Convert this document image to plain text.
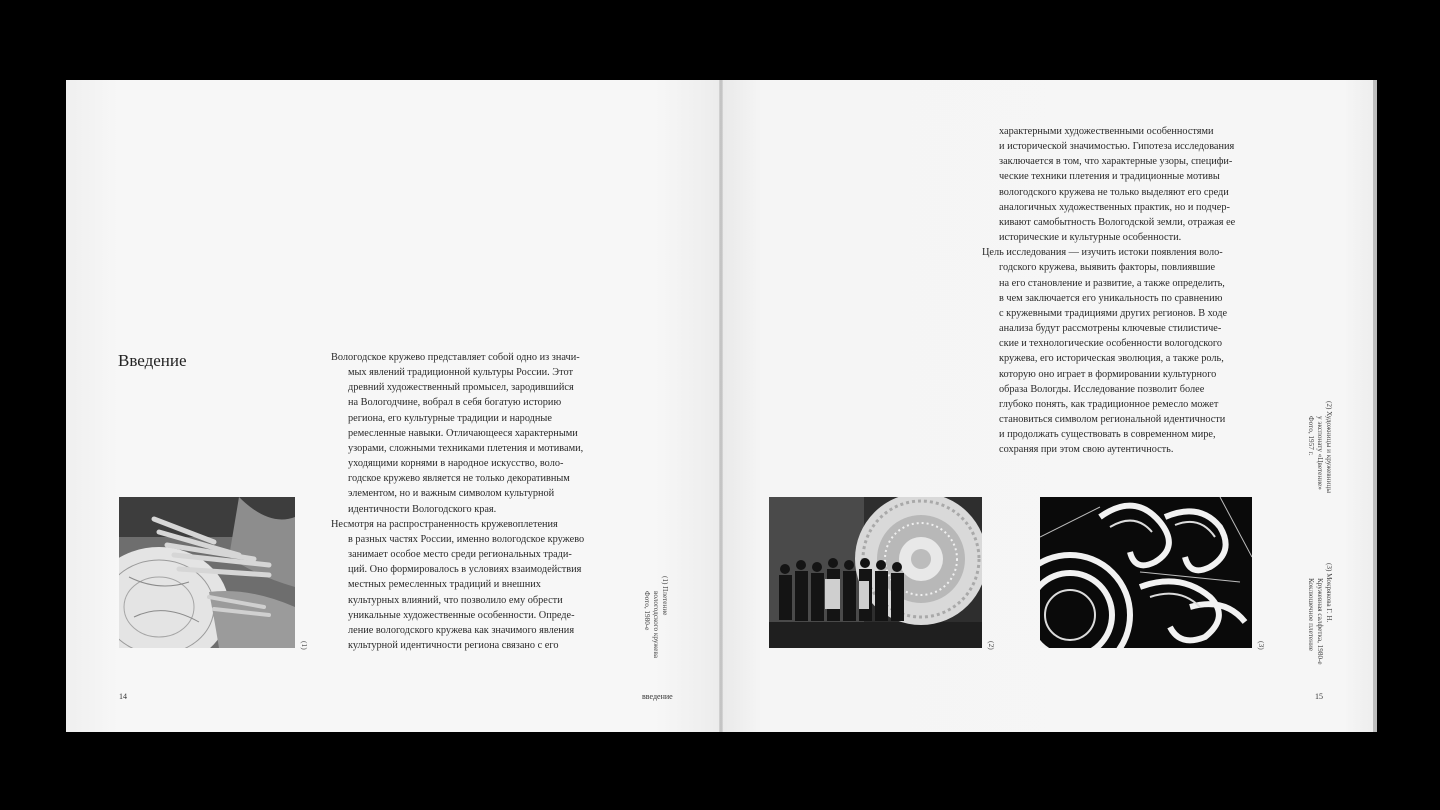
Введение	Вологодское кружево представляет собой одно из значи-

мых явлений традиционной культуры России. Этот

древний художественный промысел, зародившийся

на Вологодчине, вобрал в себя богатую историю

региона, его культурные традиции и народные

ремесленные навыки. Отличающееся характерными

узорами, сложными техниками плетения и мотивами,

уходящими корнями в народное искусство, воло-

годское кружево является не только декоративным

элементом, но и важным символом культурной

идентичности Вологодского края.

Несмотря на распространенность кружевоплетения

в разных частях России, именно вологодское кружево

занимает особое место среди региональных тради-

ций. Оно формировалось в условиях взаимодействия

местных ремесленных традиций и внешних

культурных влияний, что позволило ему обрести

уникальные художественные особенности. Опреде-

ление вологодского кружева как значимого явления

культурной идентичности региона связано с его

(1)
(1) Плетение
вологодского кружева
Фото, 1980-е
14	введение

характерными художественными особенностями

и исторической значимостью. Гипотеза исследования

заключается в том, что характерные узоры, специфи-

ческие техники плетения и традиционные мотивы

вологодского кружева не только выделяют его среди

аналогичных художественных практик, но и подчер-

кивают самобытность Вологодской земли, отражая ее

исторические и культурные особенности.

Цель исследования — изучить истоки появления воло-

годского кружева, выявить факторы, повлиявшие

на его становление и развитие, а также определить,

в чем заключается его уникальность по сравнению

с кружевными традициями других регионов. В ходе

анализа будут рассмотрены ключевые стилистиче-

ские и технологические особенности вологодского

кружева, его историческая эволюция, а также роль,

которую оно играет в формировании культурного

образа Вологды. Исследование позволит более

глубоко понять, как традиционное ремесло может

становиться символом региональной идентичности

и продолжать существовать в современном мире,

сохраняя при этом свою аутентичность.

(2)	(3)
(2) Художницы и кружевницы
у экспонату «Цветение»
Фото, 1957 г.
(3) Мокрякова Г. Н.
Кружевная салфетка, 1980-е
Коклюшечное плетение
15
